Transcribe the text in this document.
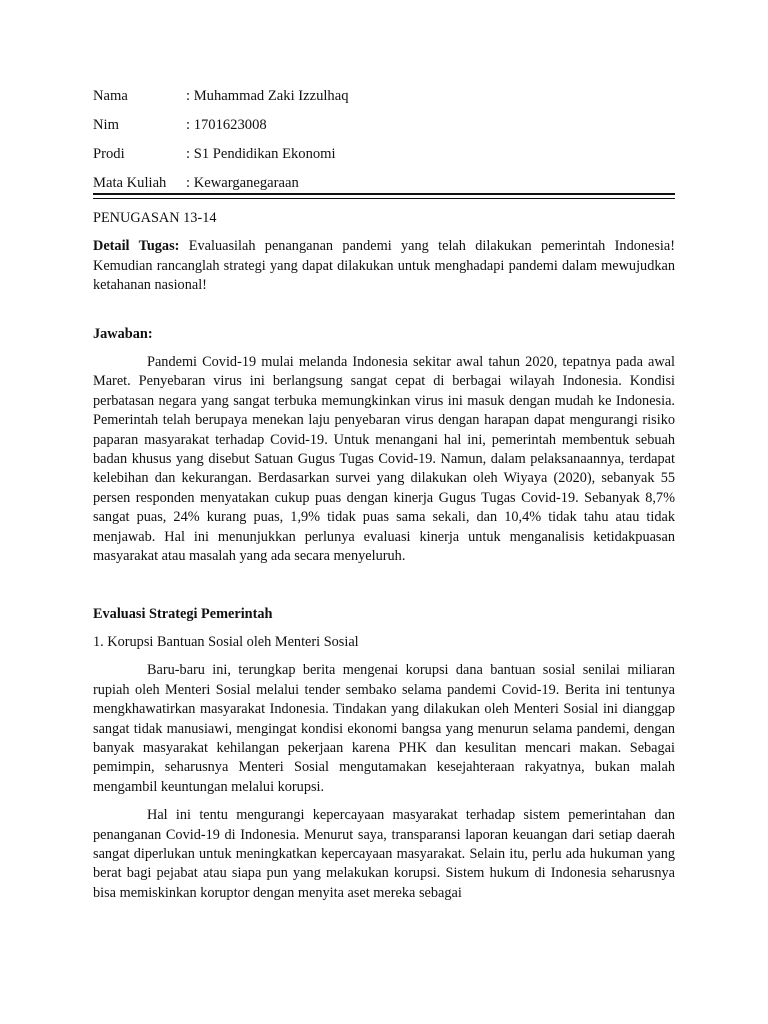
Nama	: Muhammad Zaki Izzulhaq
Nim	: 1701623008
Prodi	: S1 Pendidikan Ekonomi
Mata Kuliah : Kewarganegaraan

PENUGASAN 13-14

Detail Tugas: Evaluasilah penanganan pandemi yang telah dilakukan pemerintah Indonesia! Kemudian rancanglah strategi yang dapat dilakukan untuk menghadapi pandemi dalam mewujudkan ketahanan nasional!

Jawaban:

Pandemi Covid-19 mulai melanda Indonesia sekitar awal tahun 2020, tepatnya pada awal Maret. Penyebaran virus ini berlangsung sangat cepat di berbagai wilayah Indonesia. Kondisi perbatasan negara yang sangat terbuka memungkinkan virus ini masuk dengan mudah ke Indonesia. Pemerintah telah berupaya menekan laju penyebaran virus dengan harapan dapat mengurangi risiko paparan masyarakat terhadap Covid-19. Untuk menangani hal ini, pemerintah membentuk sebuah badan khusus yang disebut Satuan Gugus Tugas Covid-19. Namun, dalam pelaksanaannya, terdapat kelebihan dan kekurangan. Berdasarkan survei yang dilakukan oleh Wiyaya (2020), sebanyak 55 persen responden menyatakan cukup puas dengan kinerja Gugus Tugas Covid-19. Sebanyak 8,7% sangat puas, 24% kurang puas, 1,9% tidak puas sama sekali, dan 10,4% tidak tahu atau tidak menjawab. Hal ini menunjukkan perlunya evaluasi kinerja untuk menganalisis ketidakpuasan masyarakat atau masalah yang ada secara menyeluruh.

Evaluasi Strategi Pemerintah

1. Korupsi Bantuan Sosial oleh Menteri Sosial

Baru-baru ini, terungkap berita mengenai korupsi dana bantuan sosial senilai miliaran rupiah oleh Menteri Sosial melalui tender sembako selama pandemi Covid-19. Berita ini tentunya mengkhawatirkan masyarakat Indonesia. Tindakan yang dilakukan oleh Menteri Sosial ini dianggap sangat tidak manusiawi, mengingat kondisi ekonomi bangsa yang menurun selama pandemi, dengan banyak masyarakat kehilangan pekerjaan karena PHK dan kesulitan mencari makan. Sebagai pemimpin, seharusnya Menteri Sosial mengutamakan kesejahteraan rakyatnya, bukan malah mengambil keuntungan melalui korupsi.

Hal ini tentu mengurangi kepercayaan masyarakat terhadap sistem pemerintahan dan penanganan Covid-19 di Indonesia. Menurut saya, transparansi laporan keuangan dari setiap daerah sangat diperlukan untuk meningkatkan kepercayaan masyarakat. Selain itu, perlu ada hukuman yang berat bagi pejabat atau siapa pun yang melakukan korupsi. Sistem hukum di Indonesia seharusnya bisa memiskinkan koruptor dengan menyita aset mereka sebagai
